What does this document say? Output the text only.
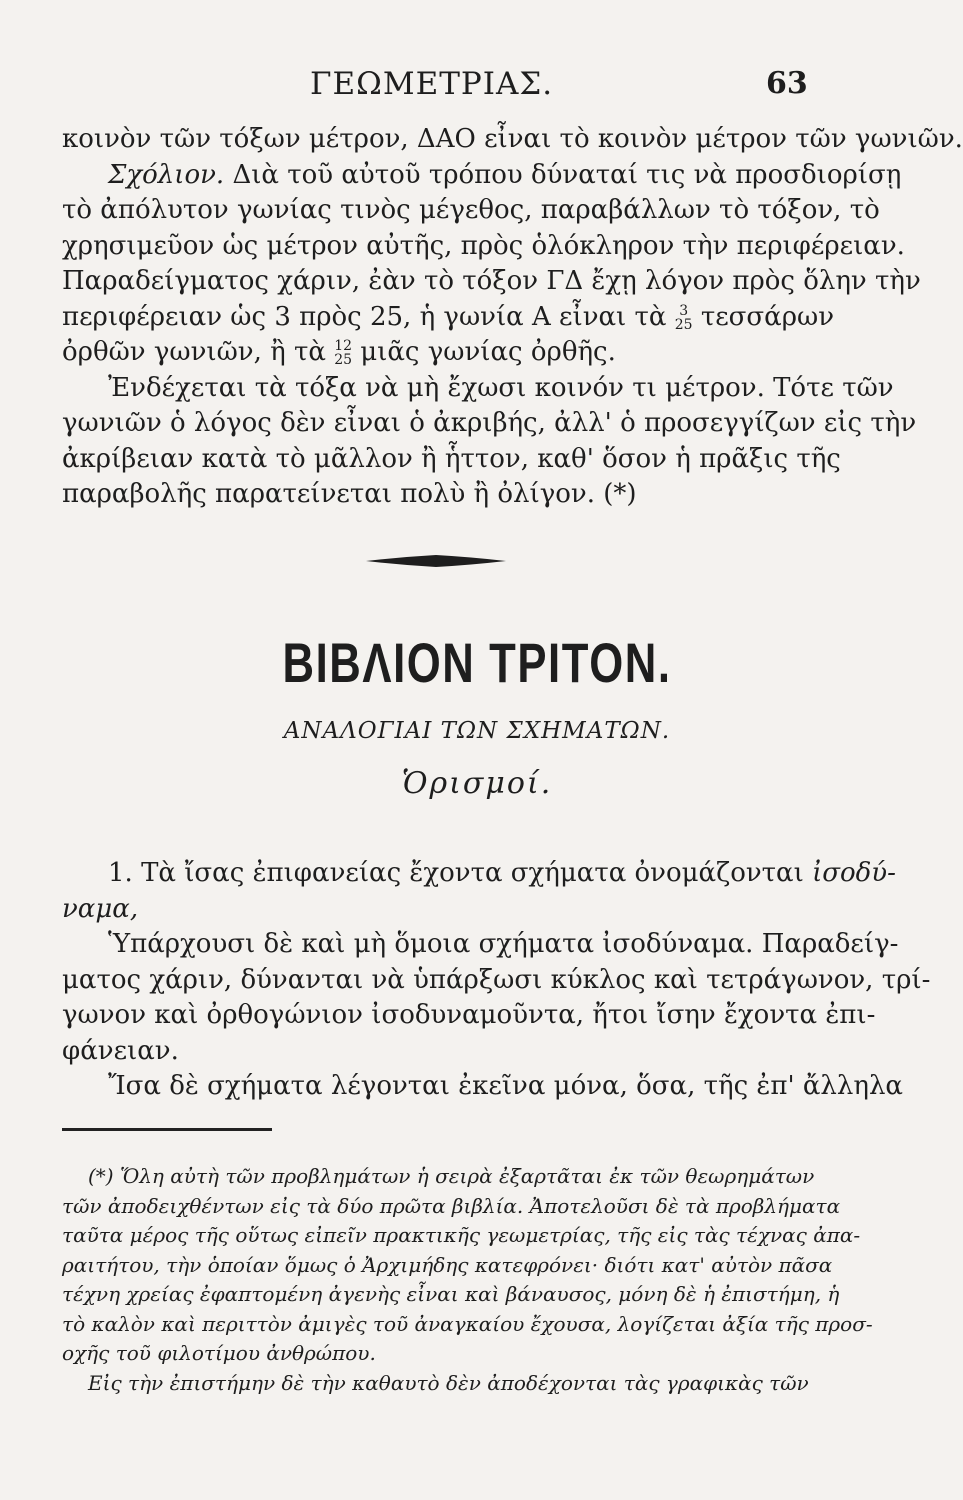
ΓΕΩΜΕΤΡΙΑΣ.	63
κοινὸν τῶν τόξων μέτρον, ΔΑΟ εἶναι τὸ κοινὸν μέτρον τῶν γωνιῶν.
Σχόλιον. Διὰ τοῦ αὐτοῦ τρόπου δύναταί τις νὰ προσδιορίσῃ
τὸ ἀπόλυτον γωνίας τινὸς μέγεθος, παραβάλλων τὸ τόξον, τὸ
χρησιμεῦον ὡς μέτρον αὐτῆς, πρὸς ὁλόκληρον τὴν περιφέρειαν.
Παραδείγματος χάριν, ἐὰν τὸ τόξον ΓΔ ἔχῃ λόγον πρὸς ὅλην τὴν
περιφέρειαν ὡς 3 πρὸς 25, ἡ γωνία Α εἶναι τὰ 3
25 τεσσάρων
ὀρθῶν γωνιῶν, ἢ τὰ 12
25 μιᾶς γωνίας ὀρθῆς.
Ἐνδέχεται τὰ τόξα νὰ μὴ ἔχωσι κοινόν τι μέτρον. Τότε τῶν
γωνιῶν ὁ λόγος δὲν εἶναι ὁ ἀκριβής, ἀλλ' ὁ προσεγγίζων εἰς τὴν
ἀκρίβειαν κατὰ τὸ μᾶλλον ἢ ἧττον, καθ' ὅσον ἡ πρᾶξις τῆς
παραβολῆς παρατείνεται πολὺ ἢ ὀλίγον. (*)
ΒΙΒΛΙΟΝ ΤΡΙΤΟΝ.
ΑΝΑΛΟΓΙΑΙ ΤΩΝ ΣΧΗΜΑΤΩΝ.
Ὁρισμοί.
1. Τὰ ἴσας ἐπιφανείας ἔχοντα σχήματα ὀνομάζονται ἰσοδύ-
ναμα,
Ὑπάρχουσι δὲ καὶ μὴ ὅμοια σχήματα ἰσοδύναμα. Παραδείγ-
ματος χάριν, δύνανται νὰ ὑπάρξωσι κύκλος καὶ τετράγωνον, τρί-
γωνον καὶ ὀρθογώνιον ἰσοδυναμοῦντα, ἤτοι ἴσην ἔχοντα ἐπι-
φάνειαν.
Ἴσα δὲ σχήματα λέγονται ἐκεῖνα μόνα, ὅσα, τῆς ἐπ' ἄλληλα
(*) Ὅλη αὐτὴ τῶν προβλημάτων ἡ σειρὰ ἐξαρτᾶται ἐκ τῶν θεωρημάτων
τῶν ἀποδειχθέντων εἰς τὰ δύο πρῶτα βιβλία. Ἀποτελοῦσι δὲ τὰ προβλήματα
ταῦτα μέρος τῆς οὕτως εἰπεῖν πρακτικῆς γεωμετρίας, τῆς εἰς τὰς τέχνας ἀπα-
ραιτήτου, τὴν ὁποίαν ὅμως ὁ Ἀρχιμήδης κατεφρόνει· διότι κατ' αὐτὸν πᾶσα
τέχνη χρείας ἐφαπτομένη ἀγενὴς εἶναι καὶ βάναυσος, μόνη δὲ ἡ ἐπιστήμη, ἡ
τὸ καλὸν καὶ περιττὸν ἀμιγὲς τοῦ ἀναγκαίου ἔχουσα, λογίζεται ἀξία τῆς προσ-
οχῆς τοῦ φιλοτίμου ἀνθρώπου.
Εἰς τὴν ἐπιστήμην δὲ τὴν καθαυτὸ δὲν ἀποδέχονται τὰς γραφικὰς τῶν
